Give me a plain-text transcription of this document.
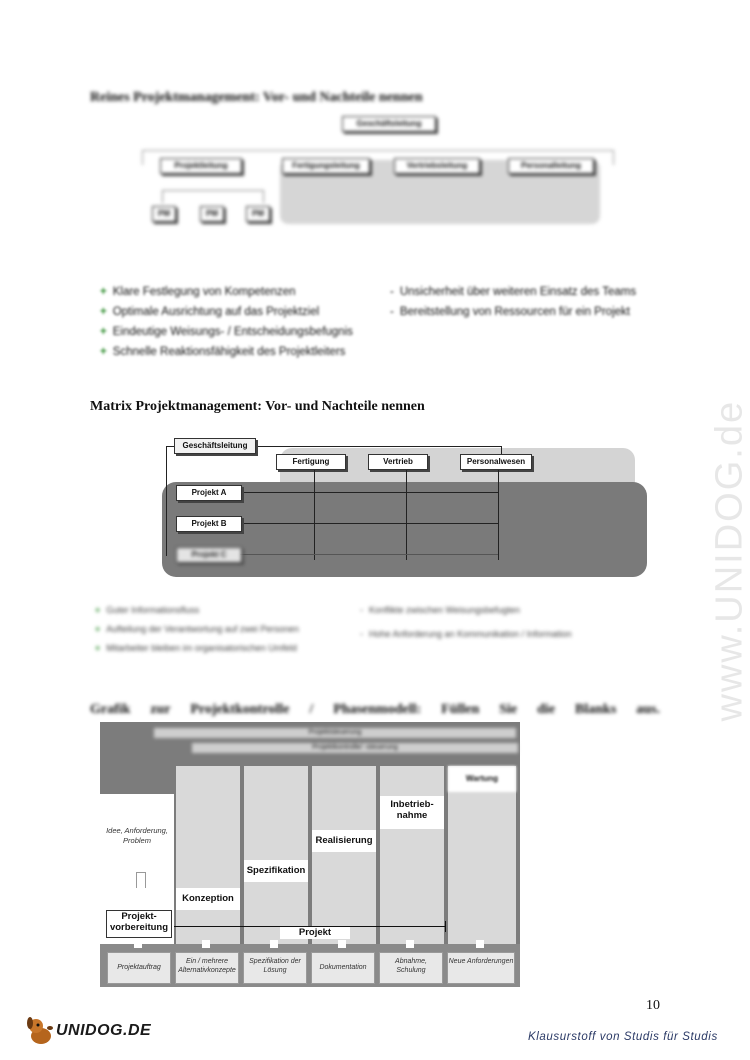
www.UNIDOG.de
Reines Projektmanagement: Vor- und Nachteile nennen
Geschäftsleitung
Projektleitung	Fertigungsleitung	Vertriebsleitung	Personalleitung
PM	PM	PM
+ Klare Festlegung von Kompetenzen
+ Optimale Ausrichtung auf das Projektziel
+ Eindeutige Weisungs- / Entscheidungsbefugnis
+ Schnelle Reaktionsfähigkeit des Projektleiters
- Unsicherheit über weiteren Einsatz des Teams
- Bereitstellung von Ressourcen für ein Projekt
Matrix Projektmanagement: Vor- und Nachteile nennen
Geschäftsleitung
Fertigung	Vertrieb	Personalwesen
Projekt A
Projekt B
Projekt C
+ Guter Informationsfluss
+ Aufteilung der Verantwortung auf zwei Personen
+ Mitarbeiter bleiben im organisatorischen Umfeld
- Konflikte zwischen Weisungsbefugten
- Hohe Anforderung an Kommunikation / Information
Grafik zur Projektkontrolle / Phasenmodell: Füllen Sie die Blanks aus.
Projektsteuerung
Projektkontrolle/ -steuerung
Idee, Anforderung, Problem
Projekt-vorbereitung
Konzeption
Spezifikation
Realisierung
Inbetrieb-nahme
Wartung
Projekt
Projektauftrag
Ein / mehrere Alternativkonzepte
Spezifikation der Lösung	Dokumentation
Abnahme, Schulung
Neue Anforderungen
10
UNIDOG.DE	Klausurstoff von Studis für Studis
